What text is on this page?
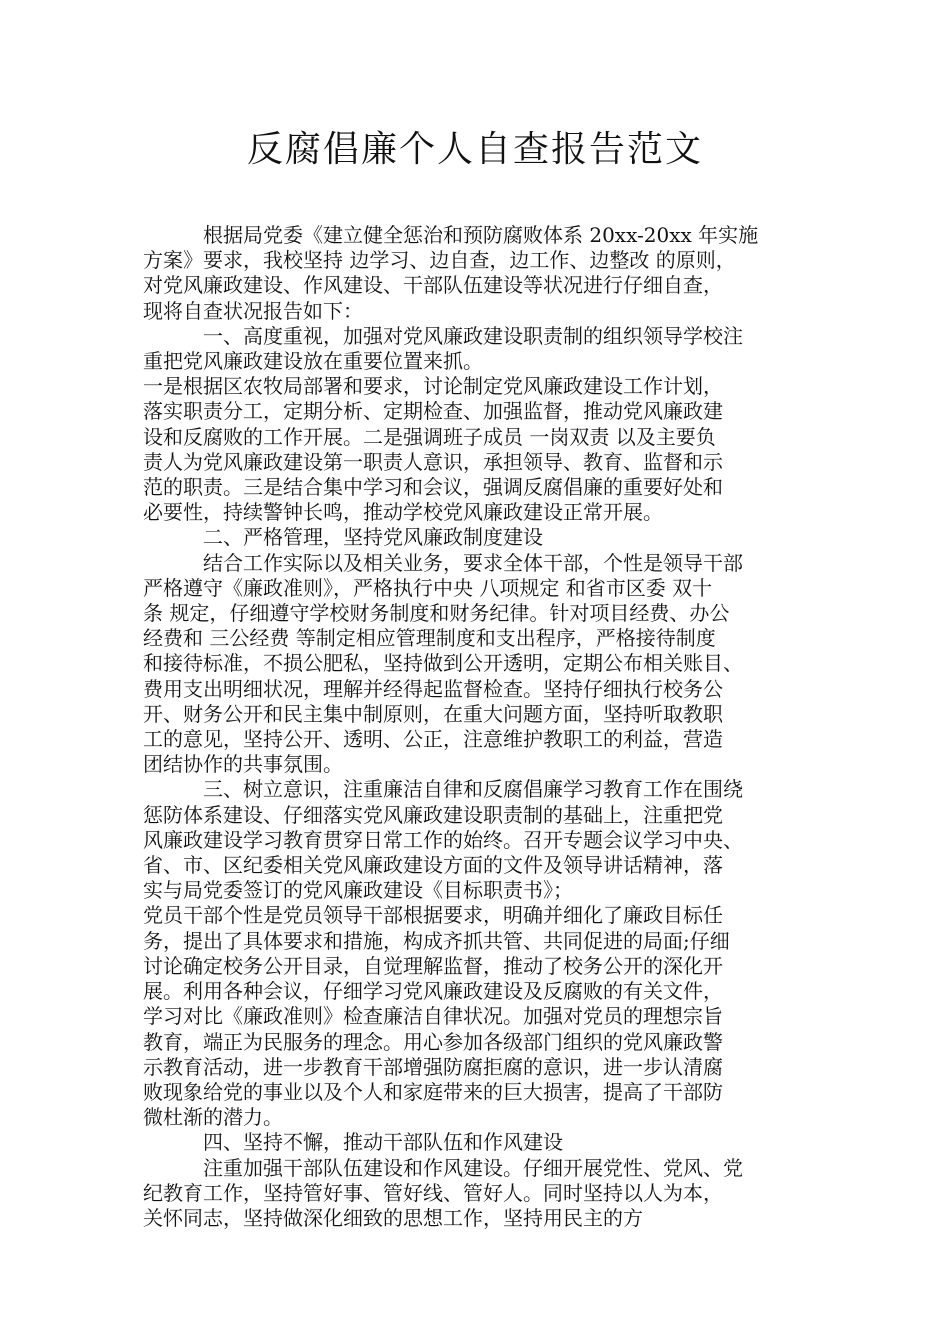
反腐倡廉个人自查报告范文

　　　根据局党委《建立健全惩治和预防腐败体系 20xx-20xx 年实施

方案》要求，我校坚持 边学习、边自查，边工作、边整改 的原则，

对党风廉政建设、作风建设、干部队伍建设等状况进行仔细自查，

现将自查状况报告如下：

　　　一、高度重视，加强对党风廉政建设职责制的组织领导学校注

重把党风廉政建设放在重要位置来抓。

一是根据区农牧局部署和要求，讨论制定党风廉政建设工作计划，

落实职责分工，定期分析、定期检查、加强监督，推动党风廉政建

设和反腐败的工作开展。二是强调班子成员 一岗双责 以及主要负

责人为党风廉政建设第一职责人意识，承担领导、教育、监督和示

范的职责。三是结合集中学习和会议，强调反腐倡廉的重要好处和

必要性，持续警钟长鸣，推动学校党风廉政建设正常开展。

　　　二、严格管理，坚持党风廉政制度建设

　　　结合工作实际以及相关业务，要求全体干部，个性是领导干部

严格遵守《廉政准则》，严格执行中央 八项规定 和省市区委 双十

条 规定，仔细遵守学校财务制度和财务纪律。针对项目经费、办公

经费和 三公经费 等制定相应管理制度和支出程序，严格接待制度

和接待标准，不损公肥私，坚持做到公开透明，定期公布相关账目、

费用支出明细状况，理解并经得起监督检查。坚持仔细执行校务公

开、财务公开和民主集中制原则，在重大问题方面，坚持听取教职

工的意见，坚持公开、透明、公正，注意维护教职工的利益，营造

团结协作的共事氛围。

　　　三、树立意识，注重廉洁自律和反腐倡廉学习教育工作在围绕

惩防体系建设、仔细落实党风廉政建设职责制的基础上，注重把党

风廉政建设学习教育贯穿日常工作的始终。召开专题会议学习中央、

省、市、区纪委相关党风廉政建设方面的文件及领导讲话精神，落

实与局党委签订的党风廉政建设《目标职责书》；

党员干部个性是党员领导干部根据要求，明确并细化了廉政目标任

务，提出了具体要求和措施，构成齐抓共管、共同促进的局面;仔细

讨论确定校务公开目录，自觉理解监督，推动了校务公开的深化开

展。利用各种会议，仔细学习党风廉政建设及反腐败的有关文件，

学习对比《廉政准则》检查廉洁自律状况。加强对党员的理想宗旨

教育，端正为民服务的理念。用心参加各级部门组织的党风廉政警

示教育活动，进一步教育干部增强防腐拒腐的意识，进一步认清腐

败现象给党的事业以及个人和家庭带来的巨大损害，提高了干部防

微杜渐的潜力。

　　　四、坚持不懈，推动干部队伍和作风建设

　　　注重加强干部队伍建设和作风建设。仔细开展党性、党风、党

纪教育工作，坚持管好事、管好线、管好人。同时坚持以人为本，

关怀同志，坚持做深化细致的思想工作，坚持用民主的方
